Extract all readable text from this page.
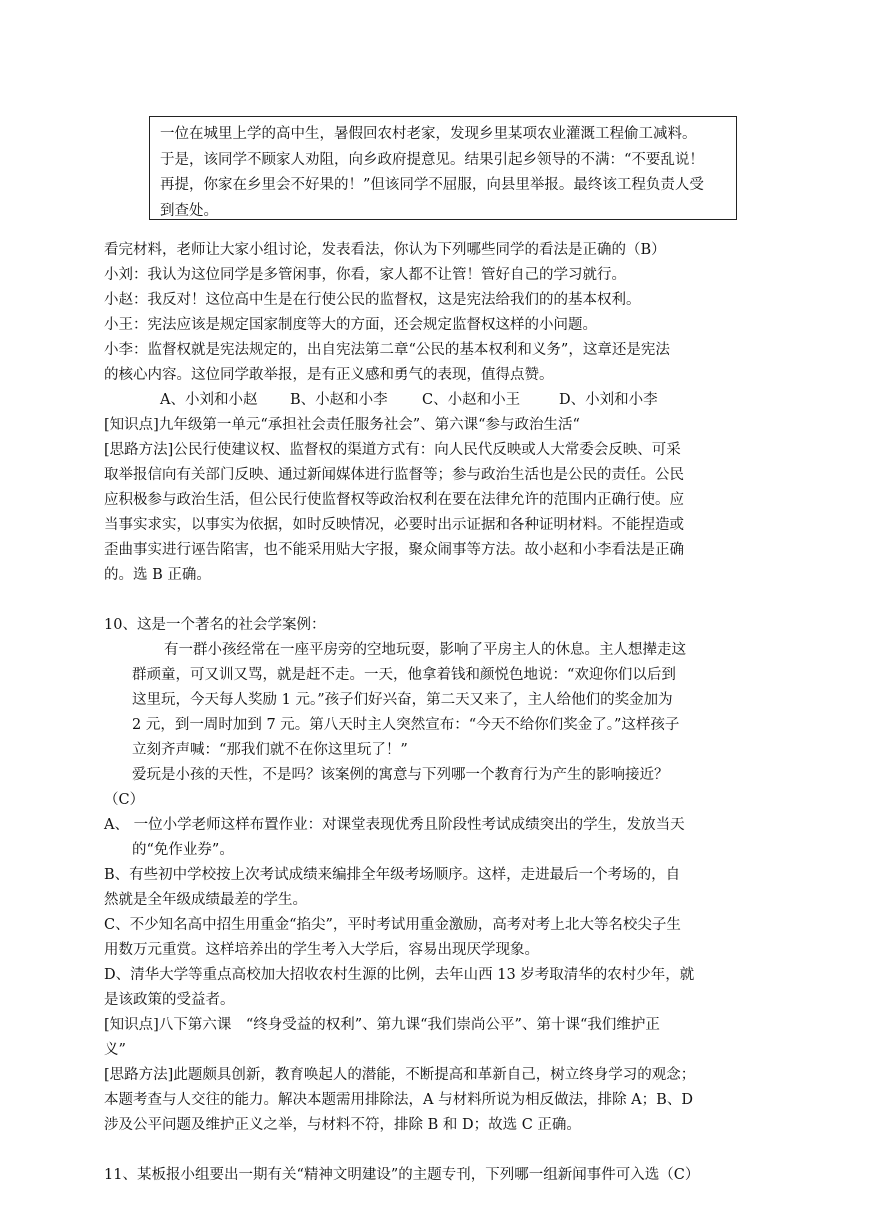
一位在城里上学的高中生，暑假回农村老家，发现乡里某项农业灌溉工程偷工减料。

于是，该同学不顾家人劝阻，向乡政府提意见。结果引起乡领导的不满：“不要乱说！

再提，你家在乡里会不好果的！”但该同学不屈服，向县里举报。最终该工程负责人受

到查处。

看完材料，老师让大家小组讨论，发表看法，你认为下列哪些同学的看法是正确的（B）

小刘：我认为这位同学是多管闲事，你看，家人都不让管！管好自己的学习就行。

小赵：我反对！这位高中生是在行使公民的监督权，这是宪法给我们的的基本权利。

小王：宪法应该是规定国家制度等大的方面，还会规定监督权这样的小问题。

小李：监督权就是宪法规定的，出自宪法第二章“公民的基本权利和义务”，这章还是宪法

的核心内容。这位同学敢举报，是有正义感和勇气的表现，值得点赞。

A、小刘和小赵 B、小赵和小李 C、小赵和小王	D、小刘和小李

[知识点]九年级第一单元“承担社会责任服务社会”、第六课“参与政治生活“

[思路方法]公民行使建议权、监督权的渠道方式有：向人民代反映或人大常委会反映、可采

取举报信向有关部门反映、通过新闻媒体进行监督等；参与政治生活也是公民的责任。公民

应积极参与政治生活，但公民行使监督权等政治权利在要在法律允许的范围内正确行使。应

当事实求实，以事实为依据，如时反映情况，必要时出示证据和各种证明材料。不能捏造或

歪曲事实进行诬告陷害，也不能采用贴大字报，聚众闹事等方法。故小赵和小李看法是正确

的。选 B 正确。

10、这是一个著名的社会学案例：

有一群小孩经常在一座平房旁的空地玩耍，影响了平房主人的休息。主人想撵走这

群顽童，可又训又骂，就是赶不走。一天，他拿着钱和颜悦色地说：“欢迎你们以后到

这里玩，今天每人奖励 1 元。”孩子们好兴奋，第二天又来了，主人给他们的奖金加为

2 元，到一周时加到 7 元。第八天时主人突然宣布：“今天不给你们奖金了。”这样孩子

立刻齐声喊：“那我们就不在你这里玩了！”

爱玩是小孩的天性，不是吗？该案例的寓意与下列哪一个教育行为产生的影响接近？

（C）

A、 一位小学老师这样布置作业：对课堂表现优秀且阶段性考试成绩突出的学生，发放当天

的“免作业券”。

B、有些初中学校按上次考试成绩来编排全年级考场顺序。这样，走进最后一个考场的，自

然就是全年级成绩最差的学生。

C、不少知名高中招生用重金“掐尖”，平时考试用重金激励，高考对考上北大等名校尖子生

用数万元重赏。这样培养出的学生考入大学后，容易出现厌学现象。

D、清华大学等重点高校加大招收农村生源的比例，去年山西 13 岁考取清华的农村少年，就

是该政策的受益者。

[知识点]八下第六课　“终身受益的权利”、第九课“我们崇尚公平”、第十课“我们维护正

义”

[思路方法]此题颇具创新，教育唤起人的潜能，不断提高和革新自己，树立终身学习的观念；

本题考查与人交往的能力。解决本题需用排除法，A 与材料所说为相反做法，排除 A；B、D

涉及公平问题及维护正义之举，与材料不符，排除 B 和 D；故选 C 正确。

11、某板报小组要出一期有关“精神文明建设”的主题专刊，下列哪一组新闻事件可入选（C）
